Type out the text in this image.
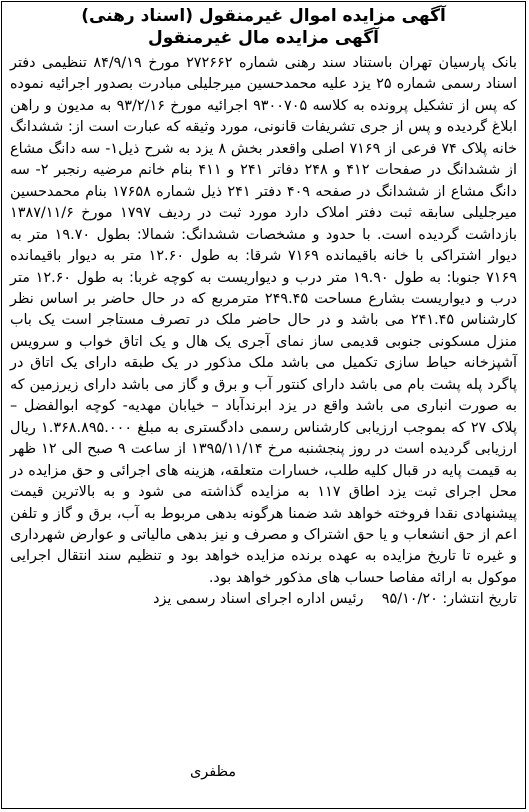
آگهی مزایده اموال غیرمنقول (اسناد رهنی)
آگهی مزایده مال غیرمنقول
بانک پارسیان تهران باستناد سند رهنی شماره ۲۷۲۶۶۲ مورخ ۸۴/۹/۱۹ تنظیمی دفتر اسناد رسمی شماره ۲۵ یزد علیه محمدحسین میرجلیلی مبادرت بصدور اجرائیه نموده که پس از تشکیل پرونده به کلاسه ۹۳۰۰۷۰۵ اجرائیه مورخ ۹۳/۲/۱۶ به مدیون و راهن ابلاغ گردیده و پس از جری تشریفات قانونی، مورد وثیقه که عبارت است از: ششدانگ خانه پلاک ۷۴ فرعی از ۷۱۶۹ اصلی واقعدر بخش ۸ یزد به شرح ذیل۱- سه دانگ مشاع از ششدانگ در صفحات ۴۱۲ و ۲۴۸ دفاتر ۲۴۱ و ۴۱۱ بنام خانم مرضیه رنجبر ۲- سه دانگ مشاع از ششدانگ در صفحه ۴۰۹ دفتر ۲۴۱ ذیل شماره ۱۷۶۵۸ بنام محمدحسین میرجلیلی سابقه ثبت دفتر املاک دارد مورد ثبت در ردیف ۱۷۹۷ مورخ ۱۳۸۷/۱۱/۶ بازداشت گردیده است. با حدود و مشخصات ششدانگ: شمالا: بطول ۱۹.۷۰ متر به دیوار اشتراکی با خانه باقیمانده ۷۱۶۹ شرقا: به طول ۱۲.۶۰ متر به دیوار باقیمانده ۷۱۶۹ جنوبا: به طول ۱۹.۹۰ متر درب و دیواریست به کوچه غربا: به طول ۱۲.۶۰ متر درب و دیواریست بشارع مساحت ۲۴۹.۴۵ مترمربع که در حال حاضر بر اساس نظر کارشناس ۲۴۱.۴۵ می باشد و در حال حاضر ملک در تصرف مستاجر است یک باب منزل مسکونی جنوبی قدیمی ساز نمای آجری یک هال و یک اتاق خواب و سرویس آشپزخانه حیاط سازی تکمیل می باشد ملک مذکور در یک طبقه دارای یک اتاق در پاگرد پله پشت بام می باشد دارای کنتور آب و برق و گاز می باشد دارای زیرزمین که به صورت انباری می باشد واقع در یزد ابرندآباد – خیابان مهدیه- کوچه ابوالفضل – پلاک ۲۷ که بموجب ارزیابی کارشناس رسمی دادگستری به مبلغ ۱.۳۶۸.۸۹۵.۰۰۰ ریال ارزیابی گردیده است در روز پنجشنبه مرخ ۱۳۹۵/۱۱/۱۴ از ساعت ۹ صبح الی ۱۲ ظهر به قیمت پایه در قبال کلیه طلب، خسارات متعلقه، هزینه های اجرائی و حق مزایده در محل اجرای ثبت یزد اطاق ۱۱۷ به مزایده گذاشته می شود و به بالاترین قیمت پیشنهادی نقدا فروخته خواهد شد ضمنا هرگونه بدهی مربوط به آب، برق و گاز و تلفن اعم از حق انشعاب و یا حق اشتراک و مصرف و نیز بدهی مالیاتی و عوارض شهرداری و غیره تا تاریخ مزایده به عهده برنده مزایده خواهد بود و تنظیم سند انتقال اجرایی موکول به ارائه مفاصا حساب های مذکور خواهد بود.
تاریخ انتشار: ۹۵/۱۰/۲۰    رئیس اداره اجرای اسناد رسمی یزد
مظفری
